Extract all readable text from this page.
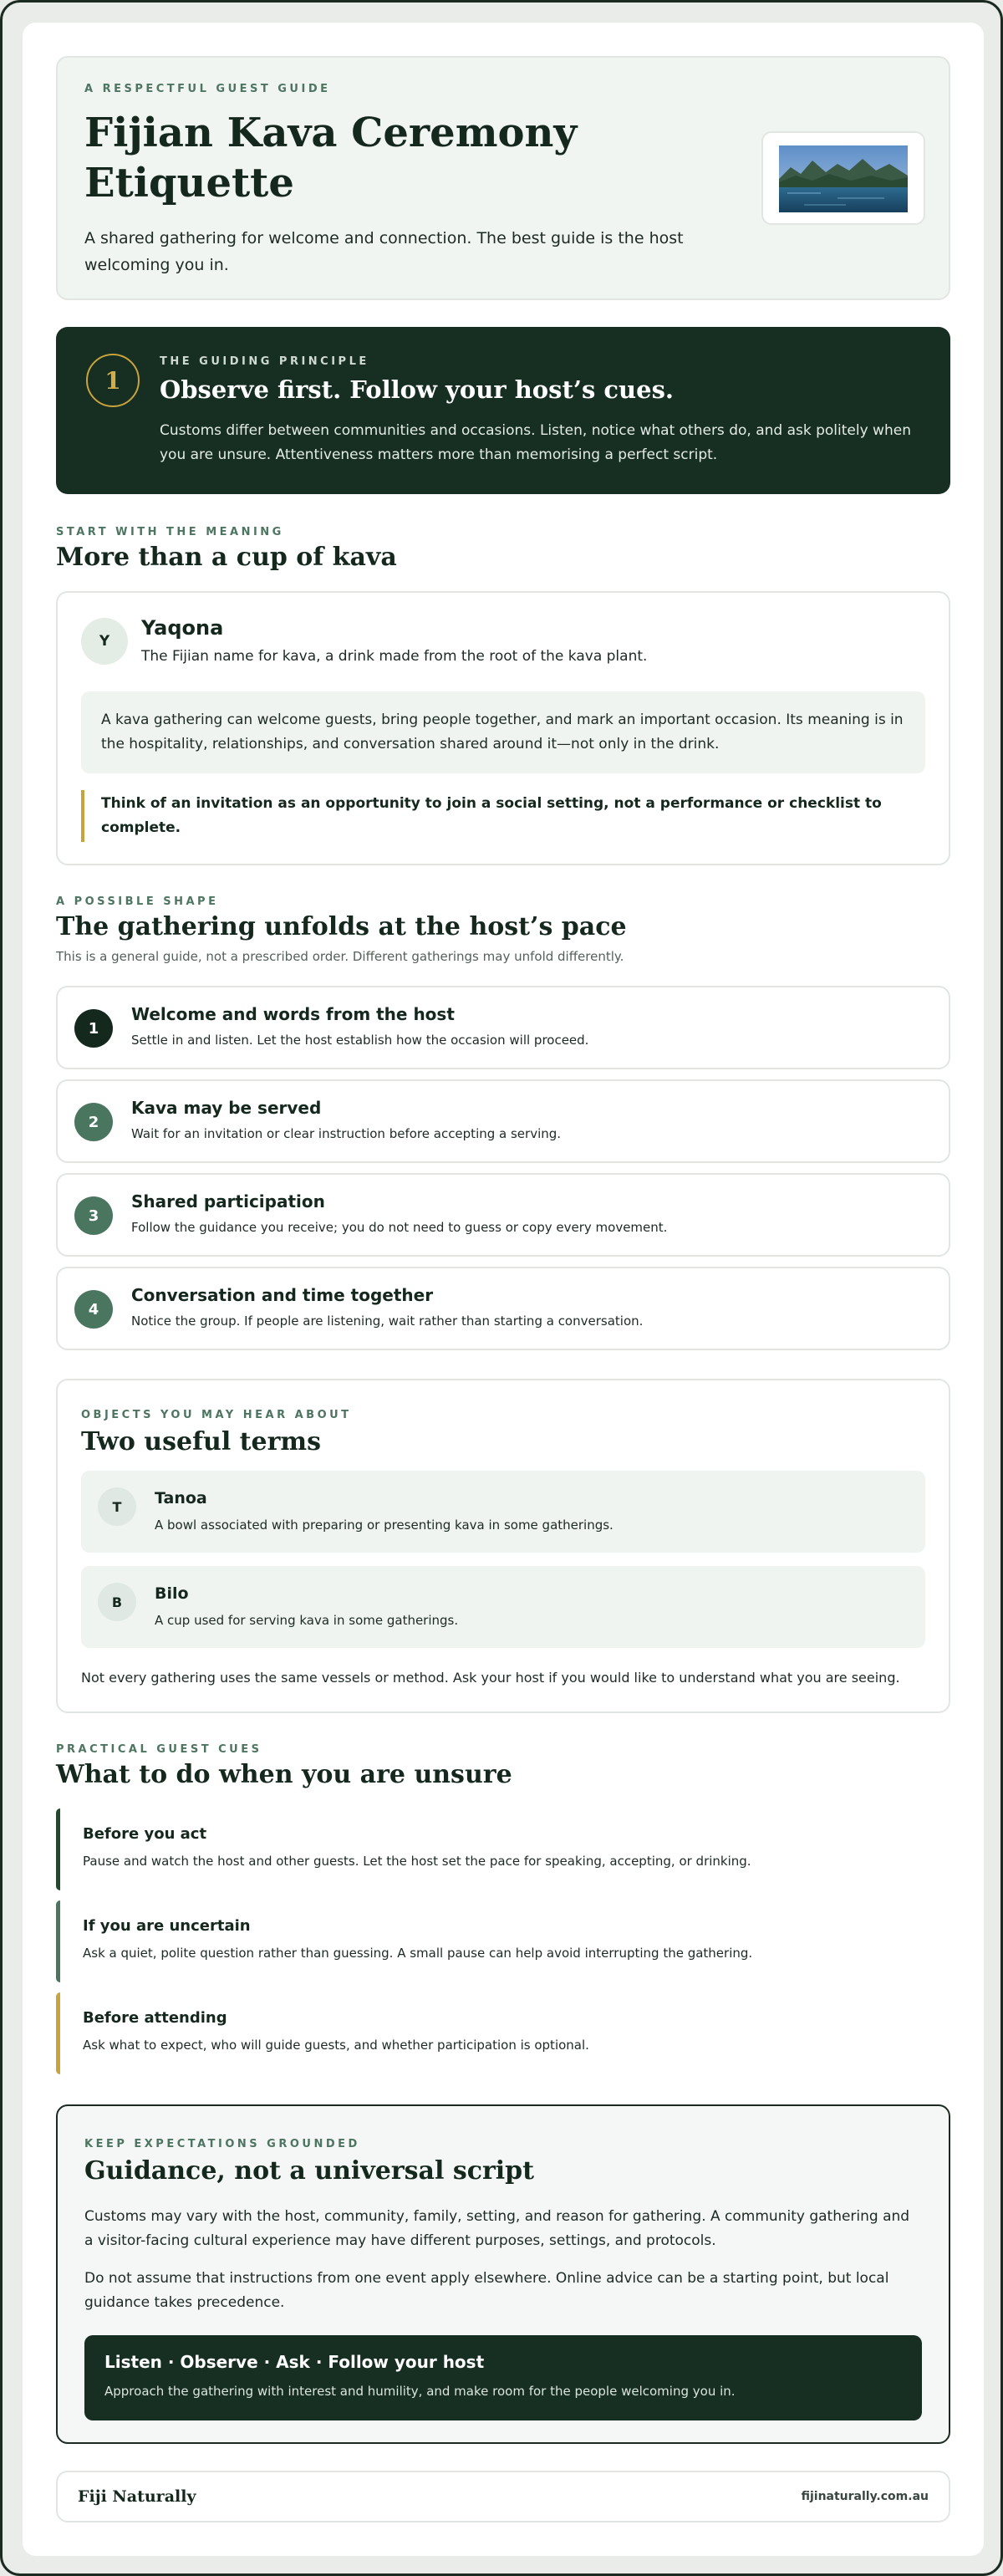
A RESPECTFUL GUEST GUIDE
Fijian Kava Ceremony Etiquette
A shared gathering for welcome and connection. The best guide is the host welcoming you in.
1
THE GUIDING PRINCIPLE
Observe first. Follow your host’s cues.

Customs differ between communities and occasions. Listen, notice what others do, and ask politely when you are unsure. Attentiveness matters more than memorising a perfect script.

START WITH THE MEANING
More than a cup of kava
Y
Yaqona
The Fijian name for kava, a drink made from the root of the kava plant.

A kava gathering can welcome guests, bring people together, and mark an important occasion. Its meaning is in the hospitality, relationships, and conversation shared around it—not only in the drink.

Think of an invitation as an opportunity to join a social setting, not a performance or checklist to complete.

A POSSIBLE SHAPE
The gathering unfolds at the host’s pace
This is a general guide, not a prescribed order. Different gatherings may unfold differently.
1
Welcome and words from the host
Settle in and listen. Let the host establish how the occasion will proceed.
2
Kava may be served
Wait for an invitation or clear instruction before accepting a serving.
3
Shared participation
Follow the guidance you receive; you do not need to guess or copy every movement.
4
Conversation and time together
Notice the group. If people are listening, wait rather than starting a conversation.
OBJECTS YOU MAY HEAR ABOUT
Two useful terms
T	Tanoa
A bowl associated with preparing or presenting kava in some gatherings.
B	Bilo
A cup used for serving kava in some gatherings.
Not every gathering uses the same vessels or method. Ask your host if you would like to understand what you are seeing.
PRACTICAL GUEST CUES
What to do when you are unsure
Before you act
Pause and watch the host and other guests. Let the host set the pace for speaking, accepting, or drinking.
If you are uncertain
Ask a quiet, polite question rather than guessing. A small pause can help avoid interrupting the gathering.
Before attending
Ask what to expect, who will guide guests, and whether participation is optional.
KEEP EXPECTATIONS GROUNDED
Guidance, not a universal script

Customs may vary with the host, community, family, setting, and reason for gathering. A community gathering and a visitor-facing cultural experience may have different purposes, settings, and protocols.

Do not assume that instructions from one event apply elsewhere. Online advice can be a starting point, but local guidance takes precedence.

Listen · Observe · Ask · Follow your host
Approach the gathering with interest and humility, and make room for the people welcoming you in.
Fiji Naturally	fijinaturally.com.au
